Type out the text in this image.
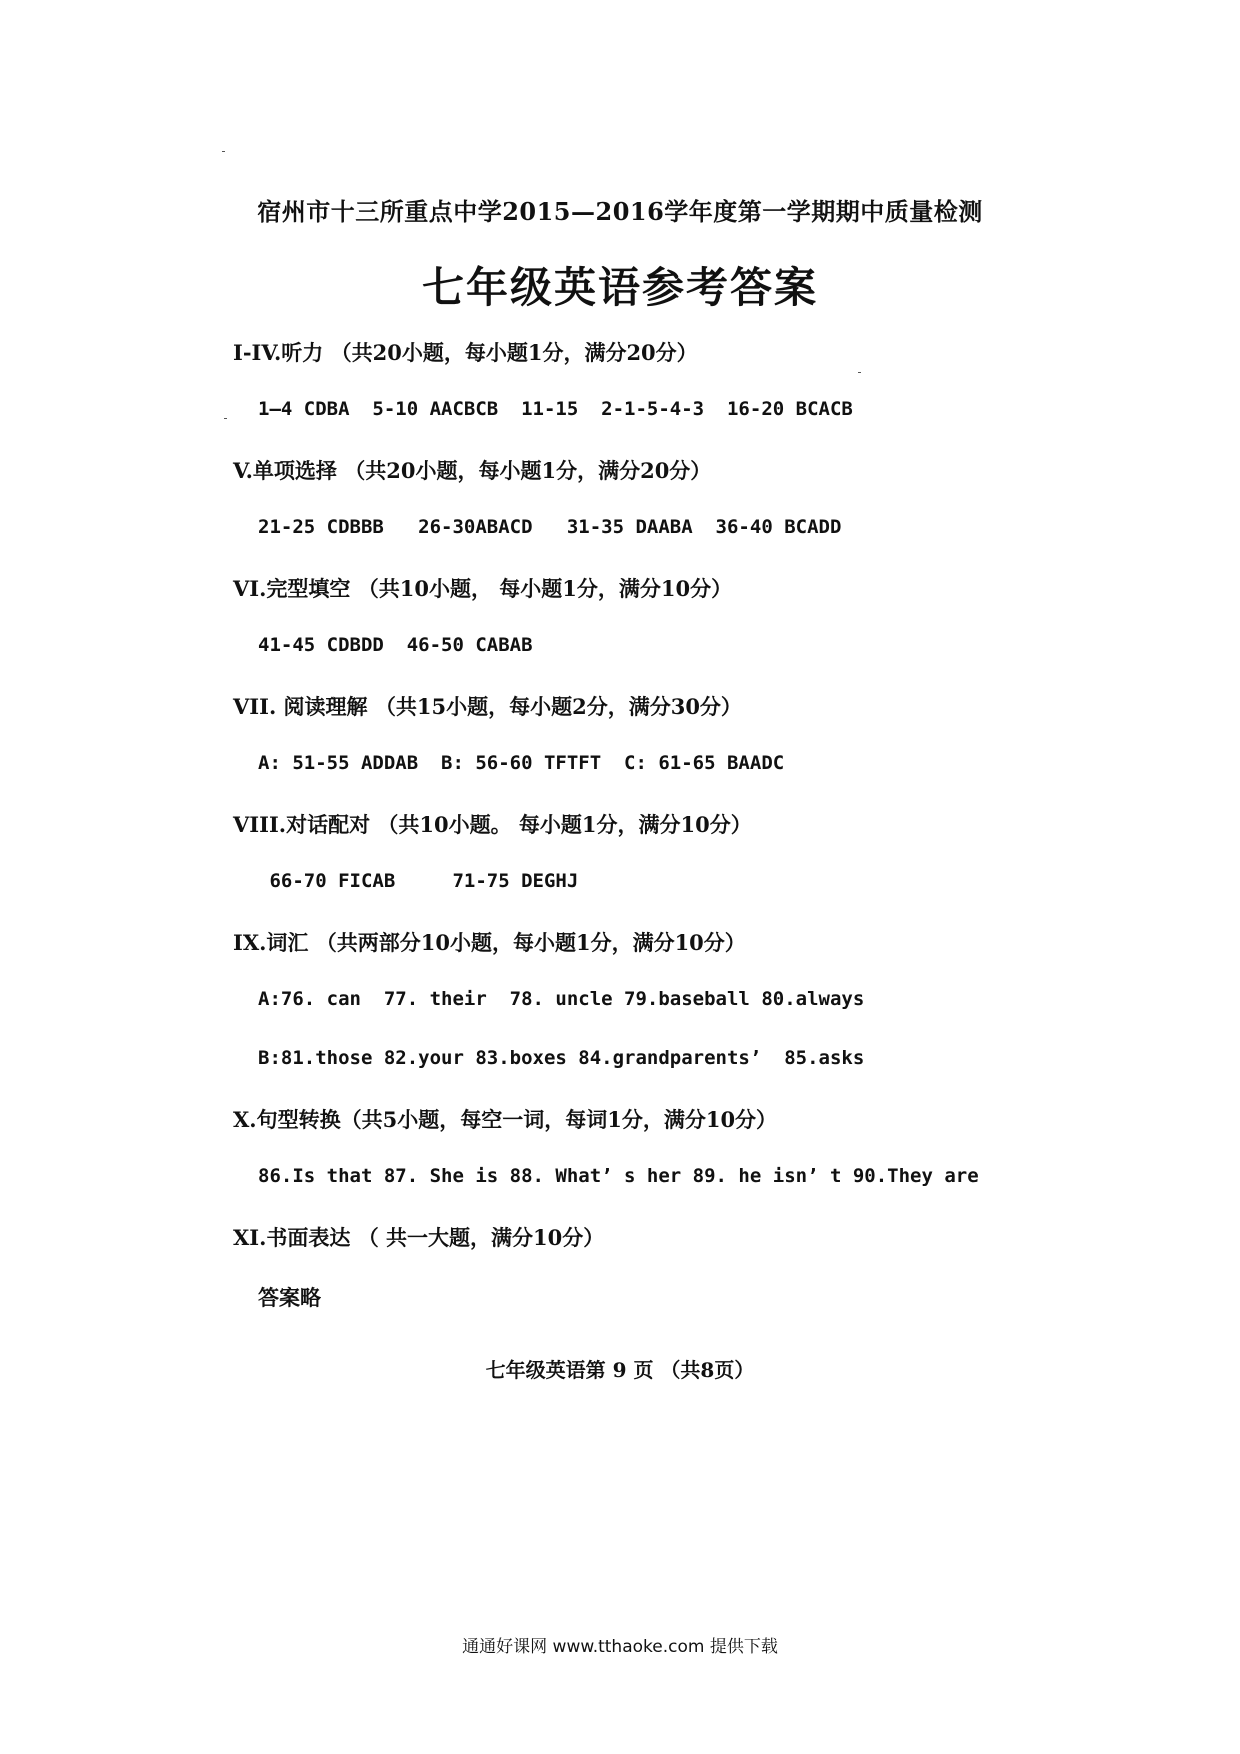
宿州市十三所重点中学2015—2016学年度第一学期期中质量检测
七年级英语参考答案
I-IV.听力 （共20小题，每小题1分，满分20分）
1—4 CDBA  5-10 AACBCB  11-15  2-1-5-4-3  16-20 BCACB
V.单项选择 （共20小题，每小题1分，满分20分）
21-25 CDBBB   26-30ABACD   31-35 DAABA  36-40 BCADD
VI.完型填空 （共10小题， 每小题1分，满分10分）
41-45 CDBDD  46-50 CABAB
VII. 阅读理解 （共15小题，每小题2分，满分30分）
A: 51-55 ADDAB  B: 56-60 TFTFT  C: 61-65 BAADC
VIII.对话配对 （共10小题。 每小题1分，满分10分）
66-70 FICAB     71-75 DEGHJ
IX.词汇 （共两部分10小题，每小题1分，满分10分）
A:76. can  77. their  78. uncle 79.baseball 80.always
B:81.those 82.your 83.boxes 84.grandparents’  85.asks
X.句型转换（共5小题，每空一词，每词1分，满分10分）
86.Is that 87. She is 88. What’ s her 89. he isn’ t 90.They are
XI.书面表达 （ 共一大题，满分10分）
答案略
七年级英语第 9 页 （共8页）
通通好课网 www.tthaoke.com 提供下载
